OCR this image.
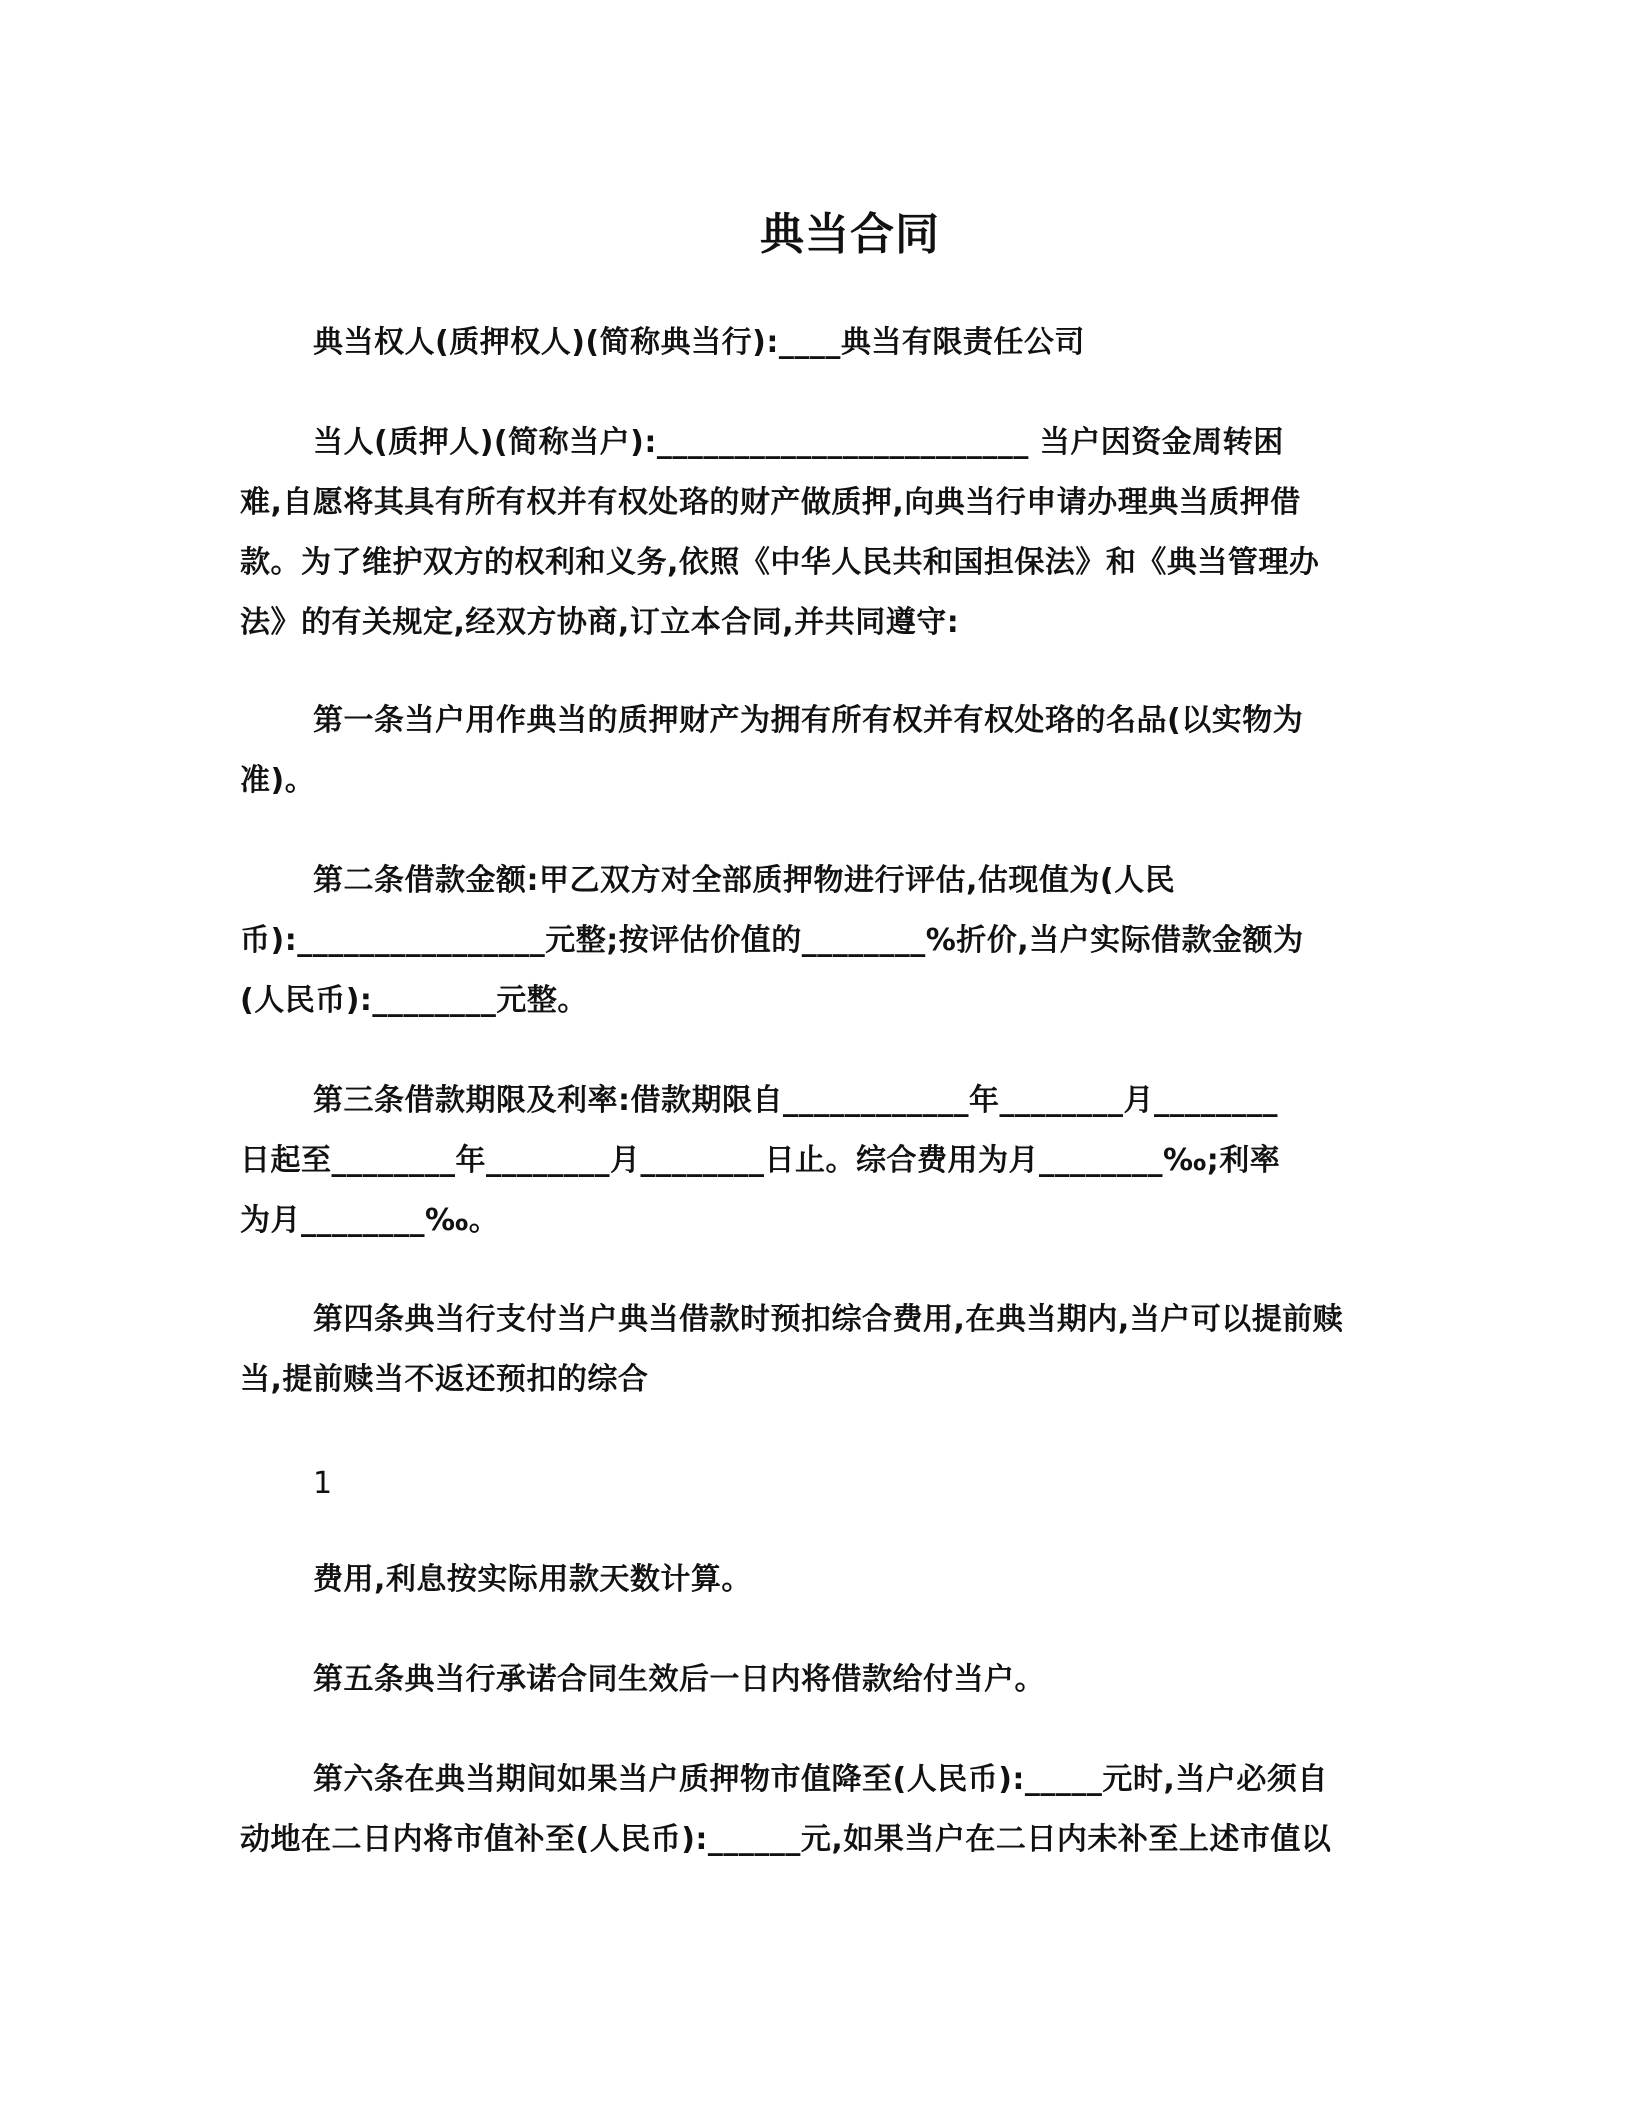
典当合同
典当权人(质押权人)(简称典当行):____典当有限责任公司
当人(质押人)(简称当户):________________________ 当户因资金周转困
难,自愿将其具有所有权并有权处珞的财产做质押,向典当行申请办理典当质押借
款。为了维护双方的权利和义务,依照《中华人民共和国担保法》和《典当管理办
法》的有关规定,经双方协商,订立本合同,并共同遵守:
第一条当户用作典当的质押财产为拥有所有权并有权处珞的名品(以实物为
准)。
第二条借款金额:甲乙双方对全部质押物进行评估,估现值为(人民
币):________________元整;按评估价值的________%折价,当户实际借款金额为
(人民币):________元整。
第三条借款期限及利率:借款期限自____________年________月________
日起至________年________月________日止。综合费用为月________‰;利率
为月________‰。
第四条典当行支付当户典当借款时预扣综合费用,在典当期内,当户可以提前赎
当,提前赎当不返还预扣的综合
1
费用,利息按实际用款天数计算。
第五条典当行承诺合同生效后一日内将借款给付当户。
第六条在典当期间如果当户质押物市值降至(人民币):_____元时,当户必须自
动地在二日内将市值补至(人民币):______元,如果当户在二日内未补至上述市值以
